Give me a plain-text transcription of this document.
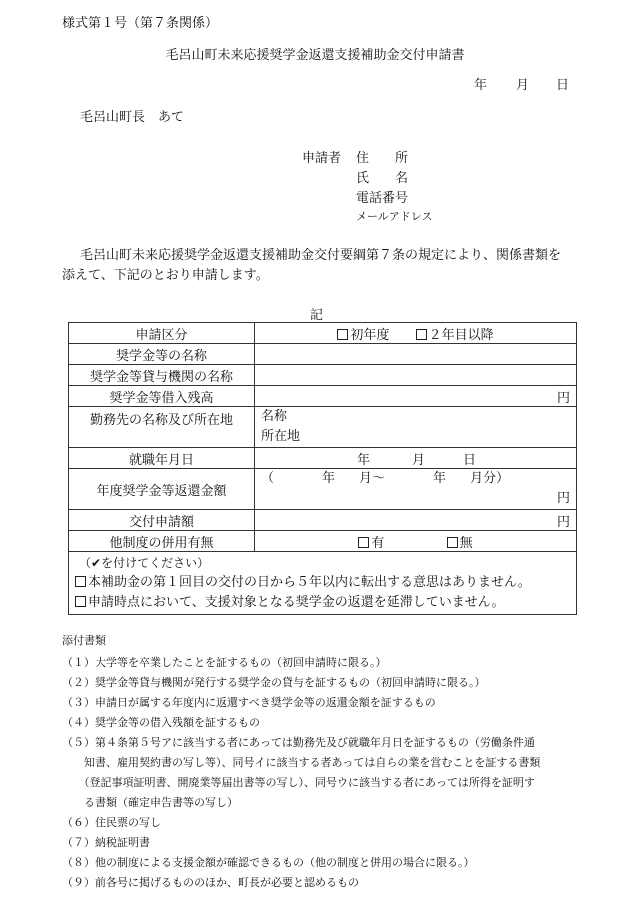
様式第１号（第７条関係）
毛呂山町未来応援奨学金返還支援補助金交付申請書
年 月 日
毛呂山町長　あて
申請者 住　　所
氏　　名
電話番号
メールアドレス
毛呂山町未来応援奨学金返還支援補助金交付要綱第７条の規定により、関係書類を
添えて、下記のとおり申請します。
記
申請区分	初年度 ２年目以降
奨学金等の名称	
奨学金等貸与機関の名称	
奨学金等借入残高	円
勤務先の名称及び所在地	名称
所在地

就職年月日	年 月 日
年度奨学金等返還金額	（ 年 月～ 年 月分）
円

交付申請額	円
他制度の併用有無	有 無

（✔を付けてください）
本補助金の第１回目の交付の日から５年以内に転出する意思はありません。
申請時点において、支援対象となる奨学金の返還を延滞していません。	
添付書類
（１）大学等を卒業したことを証するもの（初回申請時に限る。）
（２）奨学金等貸与機関が発行する奨学金の貸与を証するもの（初回申請時に限る。）
（３）申請日が属する年度内に返還すべき奨学金等の返還金額を証するもの
（４）奨学金等の借入残額を証するもの
（５）第４条第５号アに該当する者にあっては勤務先及び就職年月日を証するもの（労働条件通
　　知書、雇用契約書の写し等）、同号イに該当する者あっては自らの業を営むことを証する書類
　　（登記事項証明書、開廃業等届出書等の写し）、同号ウに該当する者にあっては所得を証明す
　　る書類（確定申告書等の写し）
（６）住民票の写し
（７）納税証明書
（８）他の制度による支援金額が確認できるもの（他の制度と併用の場合に限る。）
（９）前各号に掲げるもののほか、町長が必要と認めるもの
